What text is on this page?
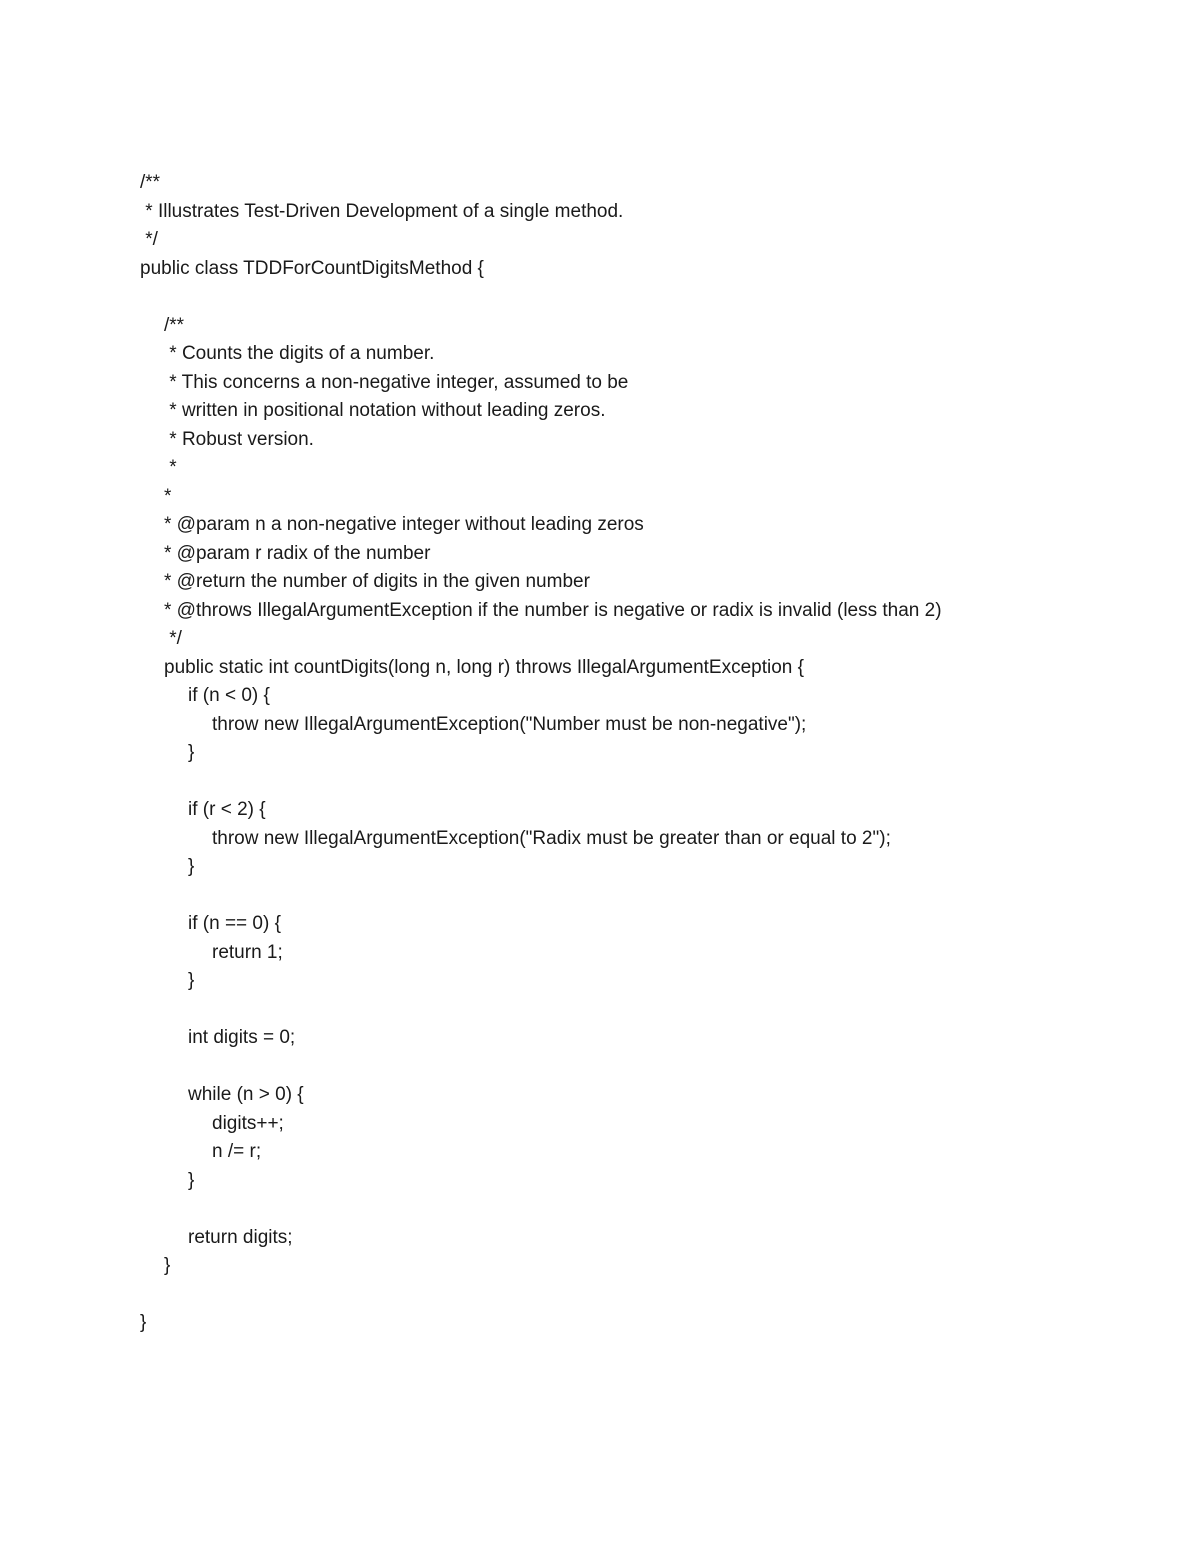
/**
* Illustrates Test-Driven Development of a single method.
*/
public class TDDForCountDigitsMethod {
/**
* Counts the digits of a number.
* This concerns a non-negative integer, assumed to be
* written in positional notation without leading zeros.
* Robust version.
*
*
* @param n a non-negative integer without leading zeros
* @param r radix of the number
* @return the number of digits in the given number
* @throws IllegalArgumentException if the number is negative or radix is invalid (less than 2)
*/
public static int countDigits(long n, long r) throws IllegalArgumentException {
if (n < 0) {
throw new IllegalArgumentException("Number must be non-negative");
}
if (r < 2) {
throw new IllegalArgumentException("Radix must be greater than or equal to 2");
}
if (n == 0) {
return 1;
}
int digits = 0;
while (n > 0) {
digits++;
n /= r;
}
return digits;
}
}
